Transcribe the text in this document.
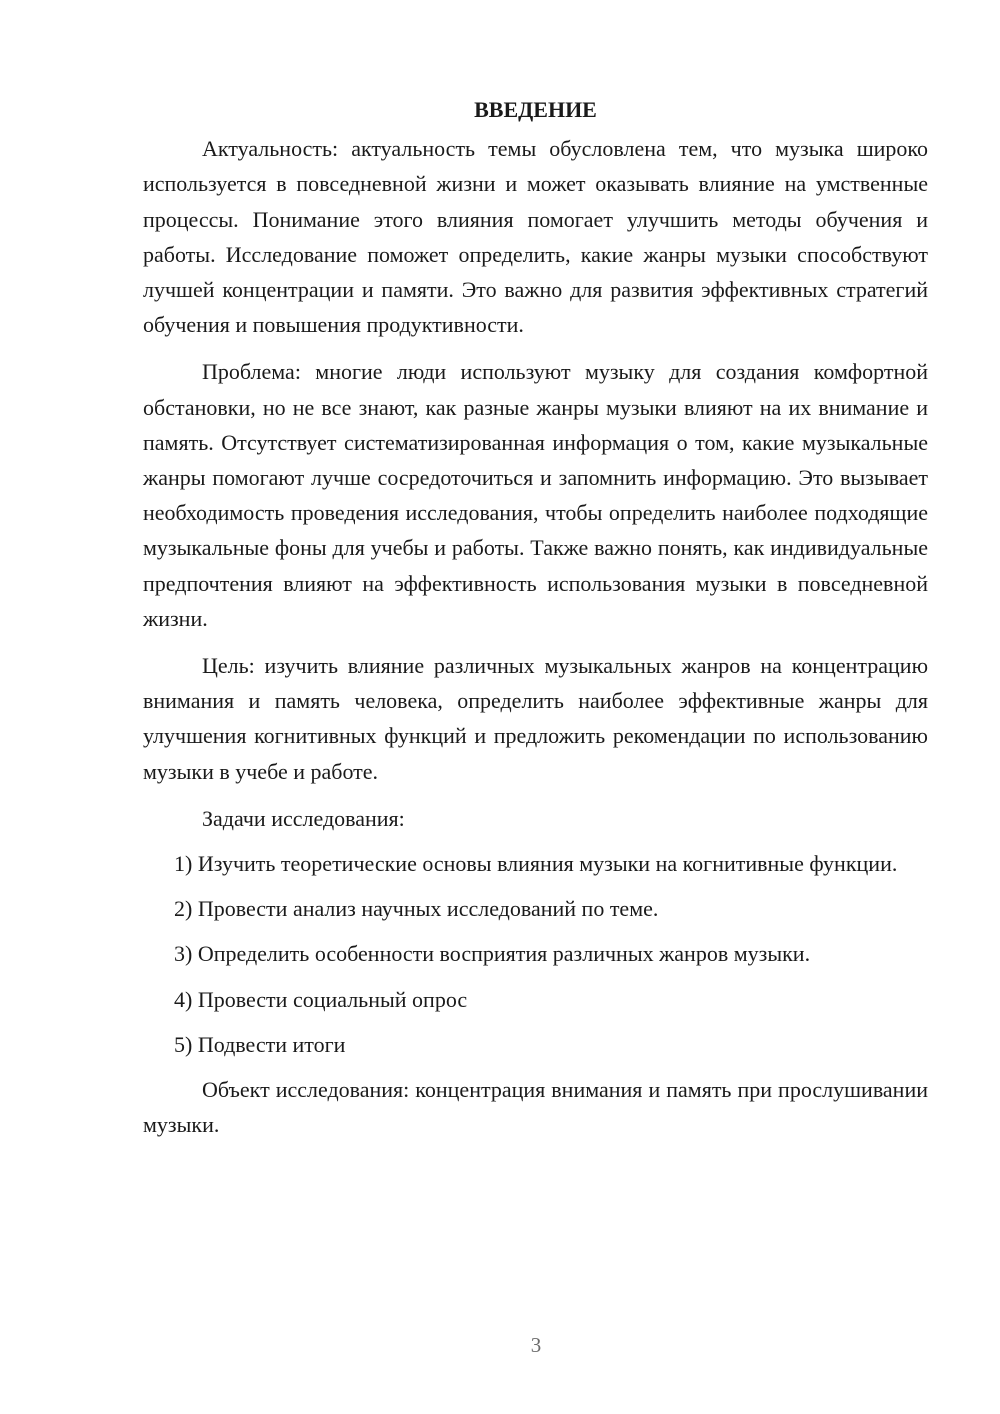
ВВЕДЕНИЕ

Актуальность: актуальность темы обусловлена тем, что музыка широко используется в повседневной жизни и может оказывать влияние на умственные процессы. Понимание этого влияния помогает улучшить методы обучения и работы. Исследование поможет определить, какие жанры музыки способствуют лучшей концентрации и памяти. Это важно для развития эффективных стратегий обучения и повышения продуктивности.

Проблема: многие люди используют музыку для создания комфортной обстановки, но не все знают, как разные жанры музыки влияют на их внимание и память. Отсутствует систематизированная информация о том, какие музыкальные жанры помогают лучше сосредоточиться и запомнить информацию. Это вызывает необходимость проведения исследования, чтобы определить наиболее подходящие музыкальные фоны для учебы и работы. Также важно понять, как индивидуальные предпочтения влияют на эффективность использования музыки в повседневной жизни.

Цель: изучить влияние различных музыкальных жанров на концентрацию внимания и память человека, определить наиболее эффективные жанры для улучшения когнитивных функций и предложить рекомендации по использованию музыки в учебе и работе.

Задачи исследования:

1) Изучить теоретические основы влияния музыки на когнитивные функции.

2) Провести анализ научных исследований по теме.

3) Определить особенности восприятия различных жанров музыки.

4) Провести социальный опрос

5) Подвести итоги

Объект исследования: концентрация внимания и память при прослушивании музыки.

3
